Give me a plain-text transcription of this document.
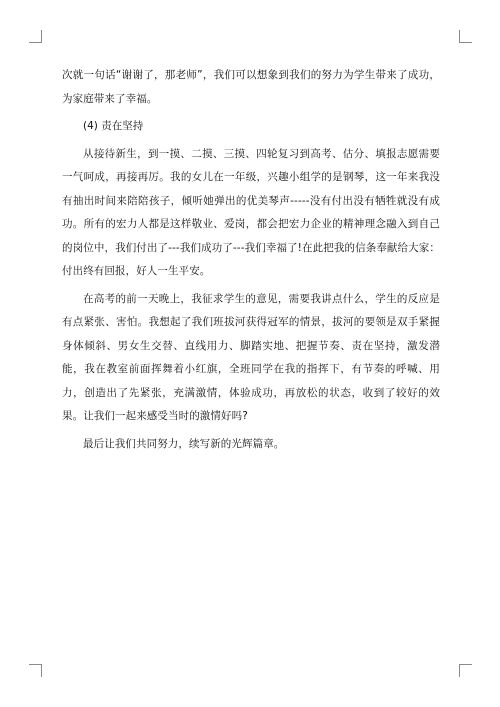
次就一句话“谢谢了，那老师”，我们可以想象到我们的努力为学生带来了成功，为家庭带来了幸福。

(4) 责在坚持

从接待新生，到一摸、二摸、三摸、四轮复习到高考、估分、填报志愿需要一气呵成，再接再厉。我的女儿在一年级，兴趣小组学的是钢琴，这一年来我没有抽出时间来陪陪孩子，倾听她弹出的优美琴声-----没有付出没有牺牲就没有成功。所有的宏力人都是这样敬业、爱岗，都会把宏力企业的精神理念融入到自己的岗位中，我们付出了---我们成功了---我们幸福了!在此把我的信条奉献给大家：付出终有回报，好人一生平安。

在高考的前一天晚上，我征求学生的意见，需要我讲点什么，学生的反应是有点紧张、害怕。我想起了我们班拔河获得冠军的情景，拔河的要领是双手紧握身体倾斜、男女生交替、直线用力、脚踏实地、把握节奏、责在坚持，激发潜能，我在教室前面挥舞着小红旗，全班同学在我的指挥下，有节奏的呼喊、用力，创造出了先紧张，充满激情，体验成功，再放松的状态，收到了较好的效果。让我们一起来感受当时的激情好吗?

最后让我们共同努力，续写新的光辉篇章。
